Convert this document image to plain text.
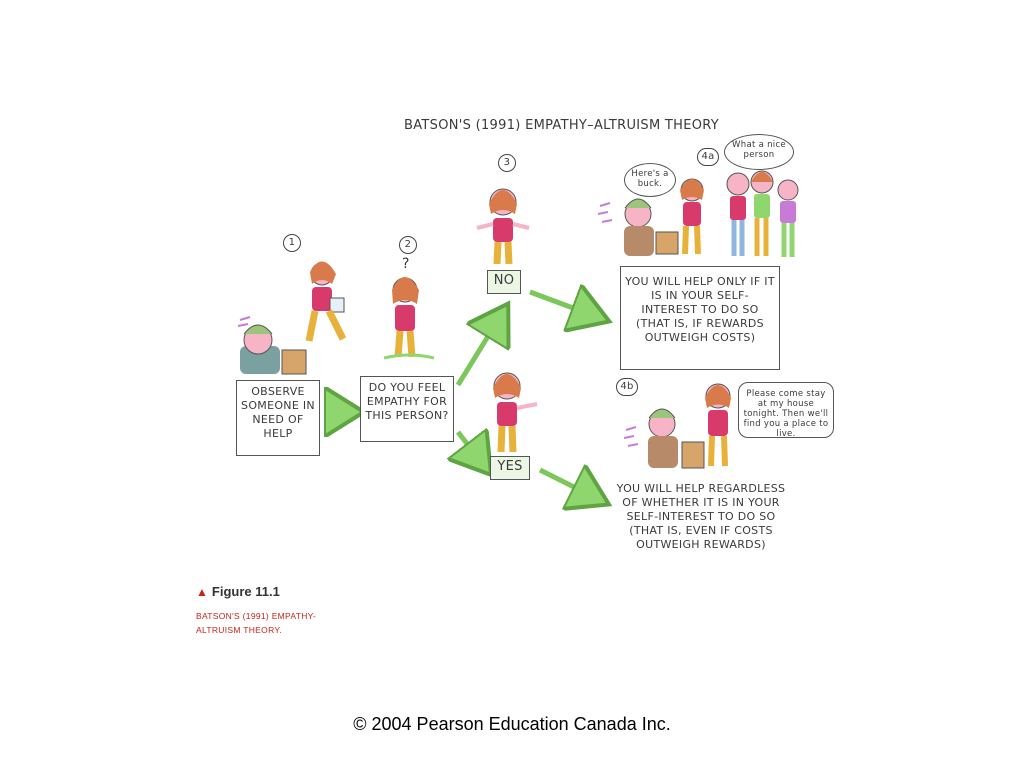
BATSON'S (1991) EMPATHY–ALTRUISM THEORY
1	2
3
4a
4b
?
OBSERVE SOMEONE IN NEED OF HELP
DO YOU FEEL EMPATHY FOR THIS PERSON?
NO
YES
YOU WILL HELP ONLY IF IT IS IN YOUR SELF-INTEREST TO DO SO (THAT IS, IF REWARDS OUTWEIGH COSTS)
YOU WILL HELP REGARDLESS OF WHETHER IT IS IN YOUR SELF-INTEREST TO DO SO (THAT IS, EVEN IF COSTS OUTWEIGH REWARDS)
Here's a buck.
What a nice person
Please come stay at my house tonight. Then we'll find you a place to live.
▲ Figure 11.1
BATSON'S (1991) EMPATHY-ALTRUISM THEORY.
© 2004 Pearson Education Canada Inc.
